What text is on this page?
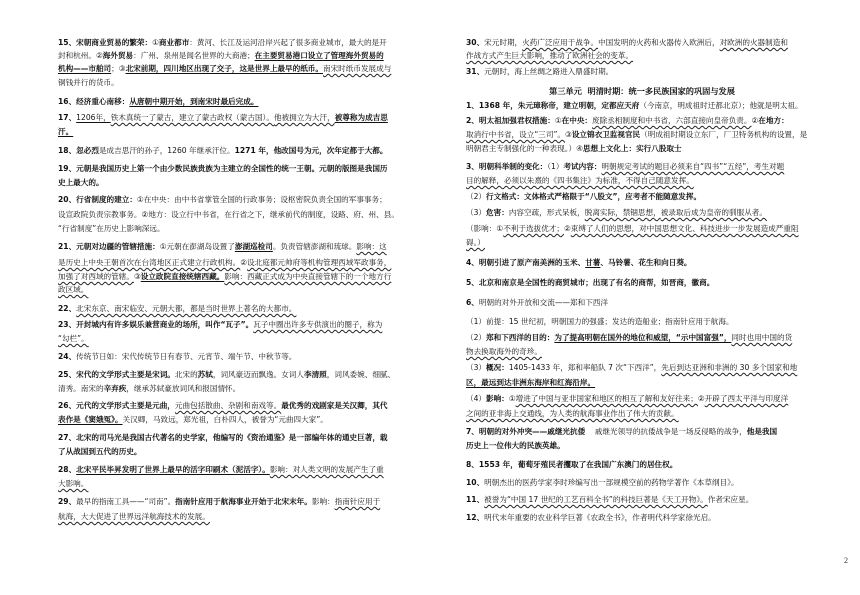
15、宋朝商业贸易的繁荣：①商业都市：黄河、长江及运河沿岸兴起了很多商业城市，最大的是开
封和杭州。②海外贸易：广州、泉州是闻名世界的大商港；在主要贸易港口设立了管理海外贸易的
机构——市舶司；③北宋前期，四川地区出现了交子，这是世界上最早的纸币。南宋时纸币发展成与
铜钱并行的货币。
16、经济重心南移：从唐朝中期开始，到南宋时最后完成。
17、1206年，铁木真统一了蒙古，建立了蒙古政权（蒙古国）。他被拥立为大汗，被尊称为成吉思
汗。
18、忽必烈是成吉思汗的孙子，1260 年继承汗位。1271 年，他改国号为元，次年定都于大都。
19、元朝是我国历史上第一个由少数民族贵族为主建立的全国性的统一王朝。元朝的版图是我国历
史上最大的。
20、行省制度的建立：①在中央：由中书省掌管全国的行政事务；设枢密院负责全国的军事事务；
设宣政院负责宗教事务。②地方：设立行中书省，在行省之下，继承前代的制度，设路、府、州、县。
“行省制度”在历史上影响深远。
21、元朝对边疆的管辖措施：①元朝在澎湖岛设置了澎湖巡检司。负责管辖澎湖和琉球。影响：这
是历史上中央王朝首次在台湾地区正式建立行政机构。②设北庭都元帅府等机构管理西域军政事务，
加强了对西域的管辖。③设立政院直接统辖西藏。影响：西藏正式成为中央直接管辖下的一个地方行
政区域。
22、北宋东京、南宋临安、元朝大都，都是当时世界上著名的大都市。
23、开封城内有许多娱乐兼营商业的场所，叫作“瓦子”。瓦子中圈出许多专供演出的圈子，称为
“勾栏”。
24、传统节日如：宋代传统节日有春节、元宵节、端午节、中秋节等。
25、宋代的文学形式主要是宋词。北宋的苏轼，词风豪迈而飘逸。女词人李清照，词风委婉、细腻、
清秀。南宋的辛弃疾，继承苏轼豪放词风和报国情怀。
26、元代的文学形式主要是元曲，元曲包括散曲、杂剧和南戏等。最优秀的戏剧家是关汉卿，其代
表作是《窦娥冤》。关汉卿，马致远，郑光祖，白朴四人，被誉为“元曲四大家”。
27、北宋的司马光是我国古代著名的史学家，他编写的《资治通鉴》是一部编年体的通史巨著，载
了从战国到五代的历史。
28、北宋平民毕昇发明了世界上最早的活字印刷术（泥活字）。影响：对人类文明的发展产生了重
大影响。
29、最早的指南工具——“司南”。指南针应用于航海事业开始于北宋末年。影响：指南针应用于
航海，大大促进了世界远洋航海技术的发展。
30、宋元时期，火药广泛应用于战争。中国发明的火药和火器传入欧洲后，对欧洲的火器制造和
作战方式产生巨大影响，推动了欧洲社会的变革。
31、元朝时，海上丝绸之路进入鼎盛时期。
第三单元  明清时期：统一多民族国家的巩固与发展
1、1368 年，朱元璋称帝，建立明朝，定都应天府（今南京，明成祖时迁都北京）；他就是明太祖。
2、明太祖加强君权措施：①在中央：废除丞相制度和中书省，六部直接向皇帝负责。②在地方：
取消行中书省，设立“三司”。③设立锦衣卫监视官民（明成祖时期设立东厂，厂卫特务机构的设置，是
明朝君主专制强化的一种表现。）④思想上文化上：实行八股取士
3、明朝科举制的变化：（1）考试内容：明朝规定考试的题目必须来自“四书”“五经”，考生对题
目的解释，必须以朱熹的《四书集注》为标准，不得自己随意发挥。
（2）行文格式：文体格式严格限于“八股文”，应考者不能随意发挥。
（3）危害：内容空疏，形式呆板，脱离实际，禁锢思想，被录取后成为皇帝的驯服从者。
（影响：①不利于选拔优才；②束缚了人们的思想，对中国思想文化、科技进步一步发展造成严重阻
碍。）
4、明朝引进了原产南美洲的玉米、甘薯、马铃薯、花生和向日葵。
5、北京和南京是全国性的商贸城市；出现了有名的商帮，如晋商，徽商。
6、明朝的对外开放和交流——郑和下西洋
（1）前提：15 世纪初，明朝国力的强盛；发达的造船业；指南针应用于航海。
（2）郑和下西洋的目的：为了提高明朝在国外的地位和威望，“示中国富强”，同时也用中国的货
物去换取海外的奇珍。
（3）概况：1405-1433 年，郑和率船队 7 次“下西洋”，先后到达亚洲和非洲的 30 多个国家和地
区，最远到达非洲东海岸和红海沿岸。
（4）影响：①增进了中国与亚非国家和地区的相互了解和友好往来；②开辟了西太平洋与印度洋
之间的亚非海上交通线，为人类的航海事业作出了伟大的贡献。
7、明朝的对外冲突——戚继光抗倭    戚继光领导的抗倭战争是一场反侵略的战争，他是我国
历史上一位伟大的民族英雄。
8、1553 年，葡萄牙殖民者攫取了在我国广东澳门的居住权。
10、明朝杰出的医药学家李时珍编写出一部规模空前的药物学著作《本草纲目》。
11、被誉为“中国 17 世纪的工艺百科全书”的科技巨著是《天工开物》。作者宋应星。
12、明代末年重要的农业科学巨著《农政全书》，作者明代科学家徐光启。
2
